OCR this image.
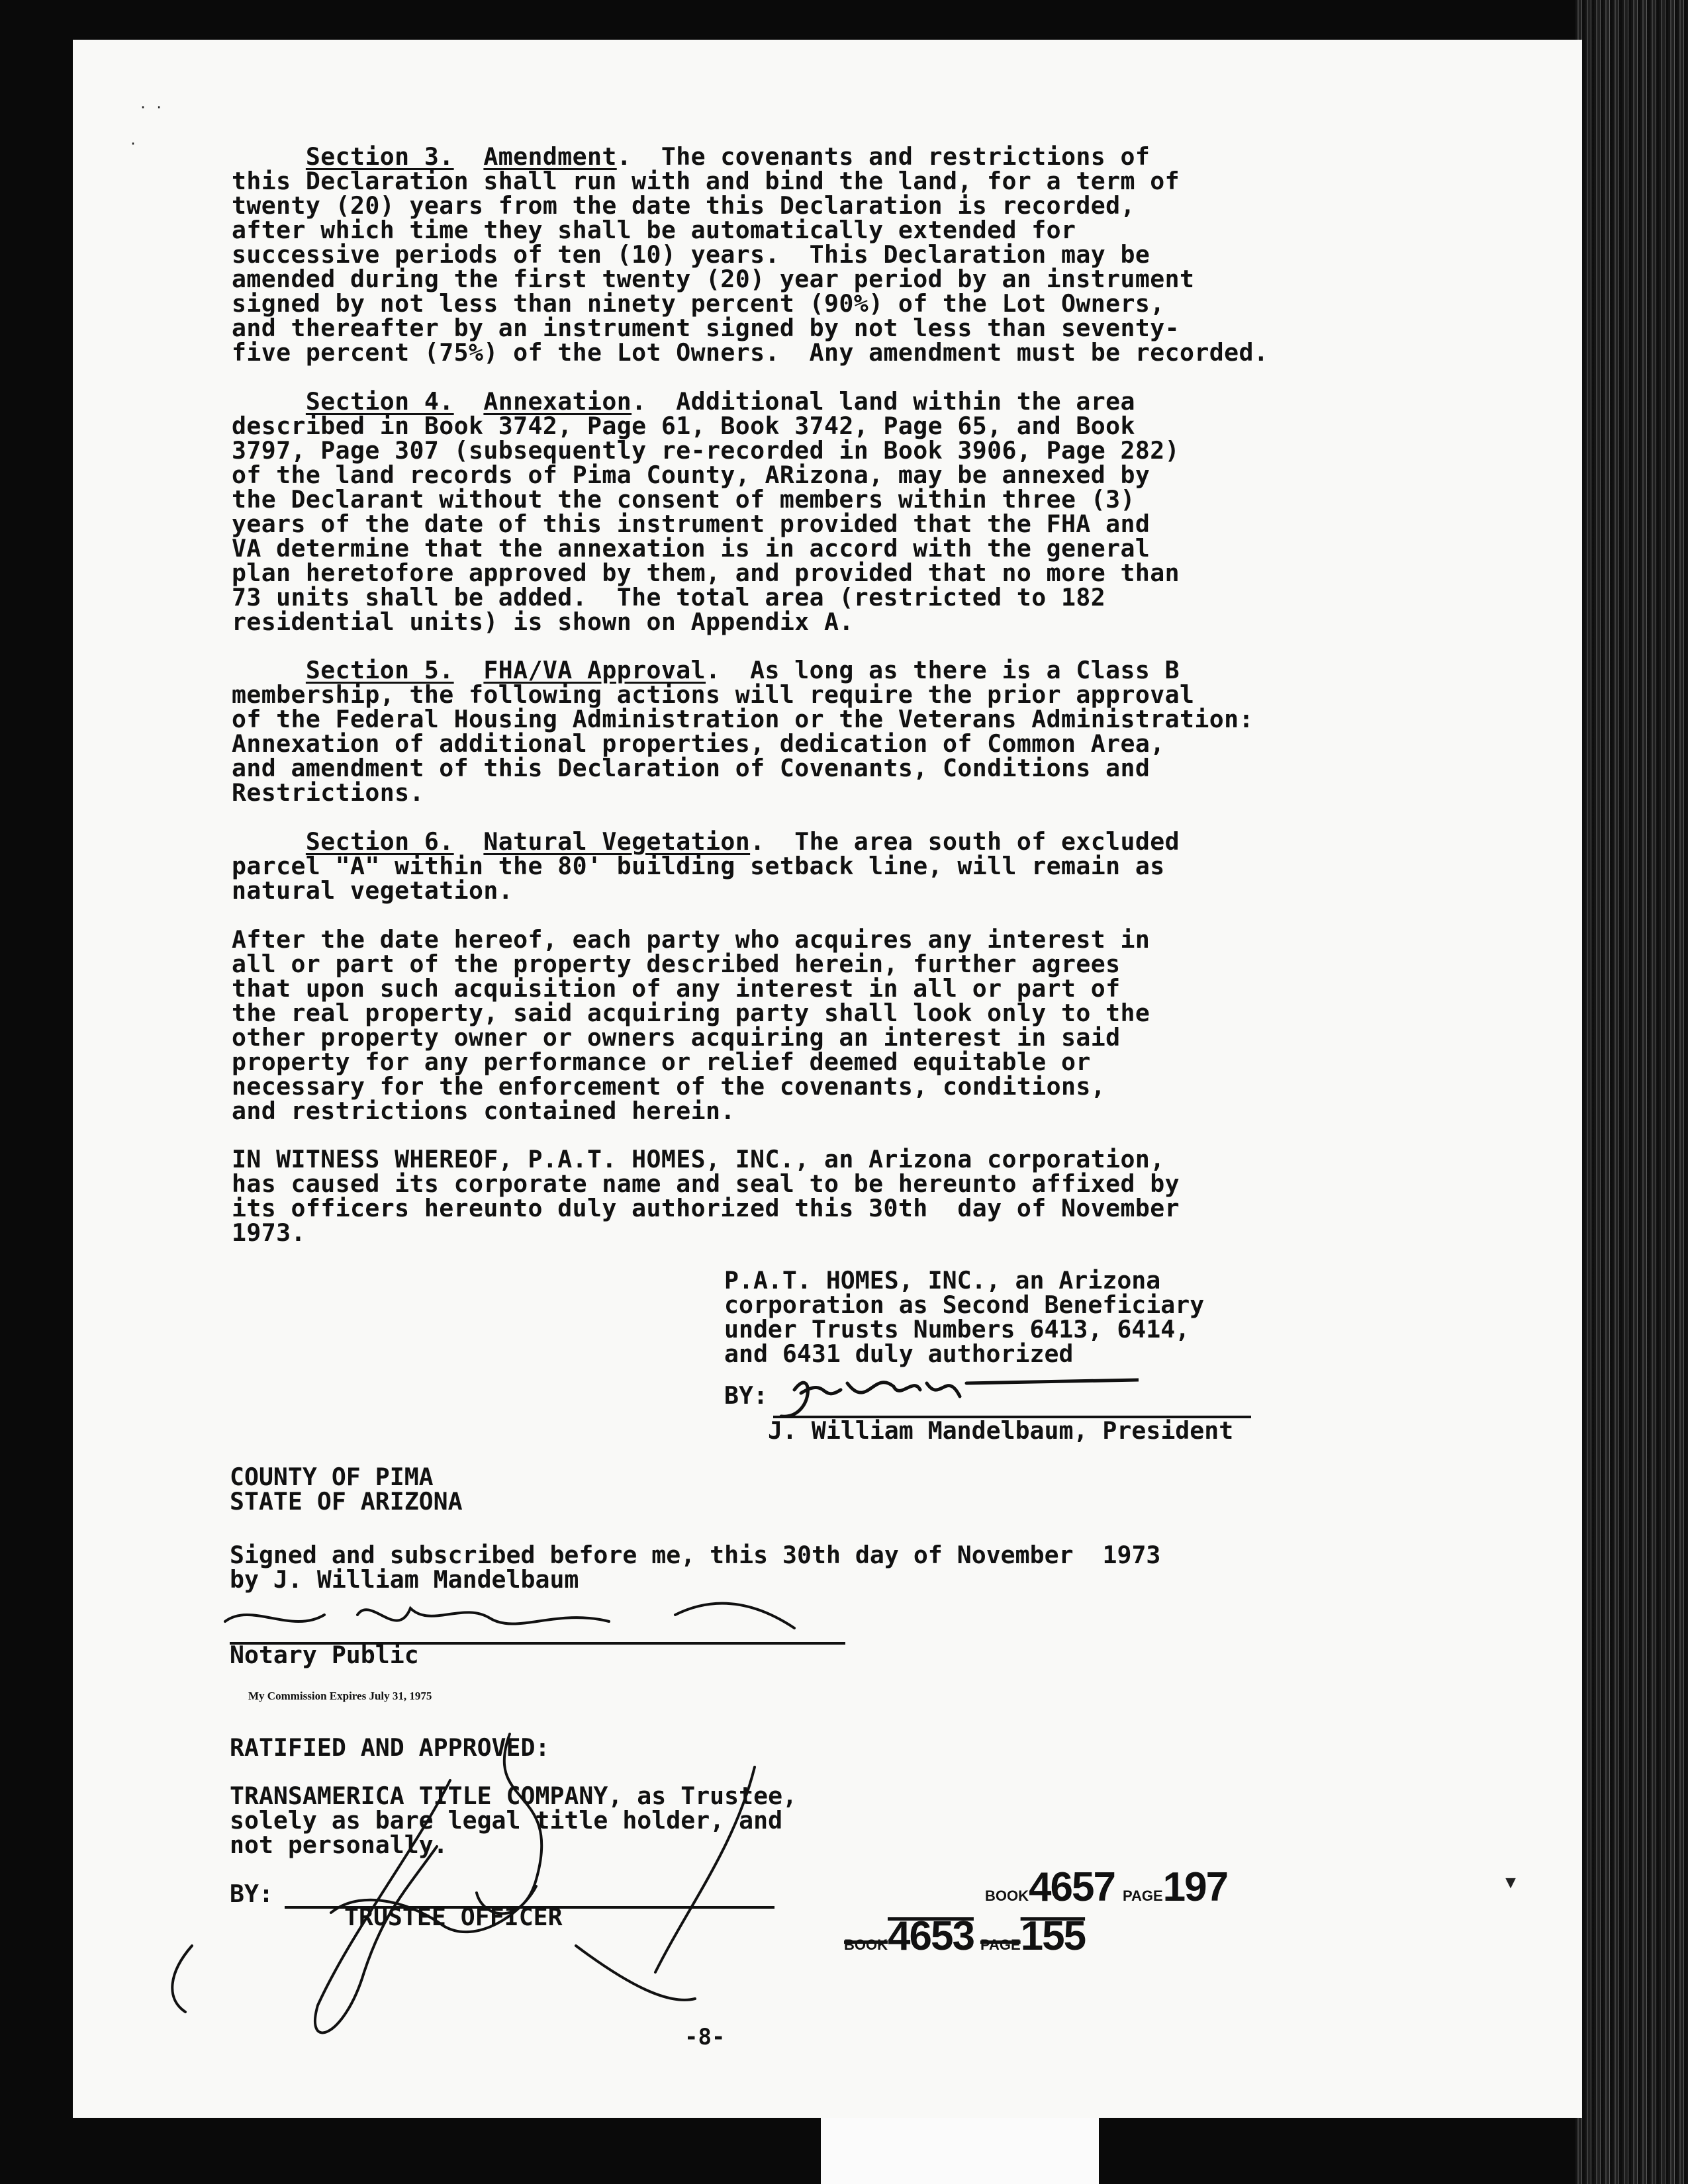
Section 3. Amendment.  The covenants and restrictions of
this Declaration shall run with and bind the land, for a term of
twenty (20) years from the date this Declaration is recorded,
after which time they shall be automatically extended for
successive periods of ten (10) years.  This Declaration may be
amended during the first twenty (20) year period by an instrument
signed by not less than ninety percent (90%) of the Lot Owners,
and thereafter by an instrument signed by not less than seventy-
five percent (75%) of the Lot Owners.  Any amendment must be recorded.

Section 4. Annexation.  Additional land within the area
described in Book 3742, Page 61, Book 3742, Page 65, and Book
3797, Page 307 (subsequently re-recorded in Book 3906, Page 282)
of the land records of Pima County, ARizona, may be annexed by
the Declarant without the consent of members within three (3)
years of the date of this instrument provided that the FHA and
VA determine that the annexation is in accord with the general
plan heretofore approved by them, and provided that no more than
73 units shall be added.  The total area (restricted to 182
residential units) is shown on Appendix A.

Section 5. FHA/VA Approval.  As long as there is a Class B
membership, the following actions will require the prior approval
of the Federal Housing Administration or the Veterans Administration:
Annexation of additional properties, dedication of Common Area,
and amendment of this Declaration of Covenants, Conditions and
Restrictions.

Section 6. Natural Vegetation.  The area south of excluded
parcel "A" within the 80' building setback line, will remain as
natural vegetation.

After the date hereof, each party who acquires any interest in
all or part of the property described herein, further agrees
that upon such acquisition of any interest in all or part of
the real property, said acquiring party shall look only to the
other property owner or owners acquiring an interest in said
property for any performance or relief deemed equitable or
necessary for the enforcement of the covenants, conditions,
and restrictions contained herein.

IN WITNESS WHEREOF, P.A.T. HOMES, INC., an Arizona corporation,
has caused its corporate name and seal to be hereunto affixed by
its officers hereunto duly authorized this 30th  day of November
1973.

P.A.T. HOMES, INC., an Arizona
corporation as Second Beneficiary
under Trusts Numbers 6413, 6414,
and 6431 duly authorized

BY:
J. William Mandelbaum, President
COUNTY OF PIMA
STATE OF ARIZONA
Signed and subscribed before me, this 30th day of November  1973
by J. William Mandelbaum
Notary Public
My Commission Expires July 31, 1975
RATIFIED AND APPROVED:

TRANSAMERICA TITLE COMPANY, as Trustee,
solely as bare legal title holder, and
not personally.

BY:
TRUSTEE OFFICER
BOOK4657 PAGE197
BOOK4653 PAGE155
-8-
· ·
·
▾
